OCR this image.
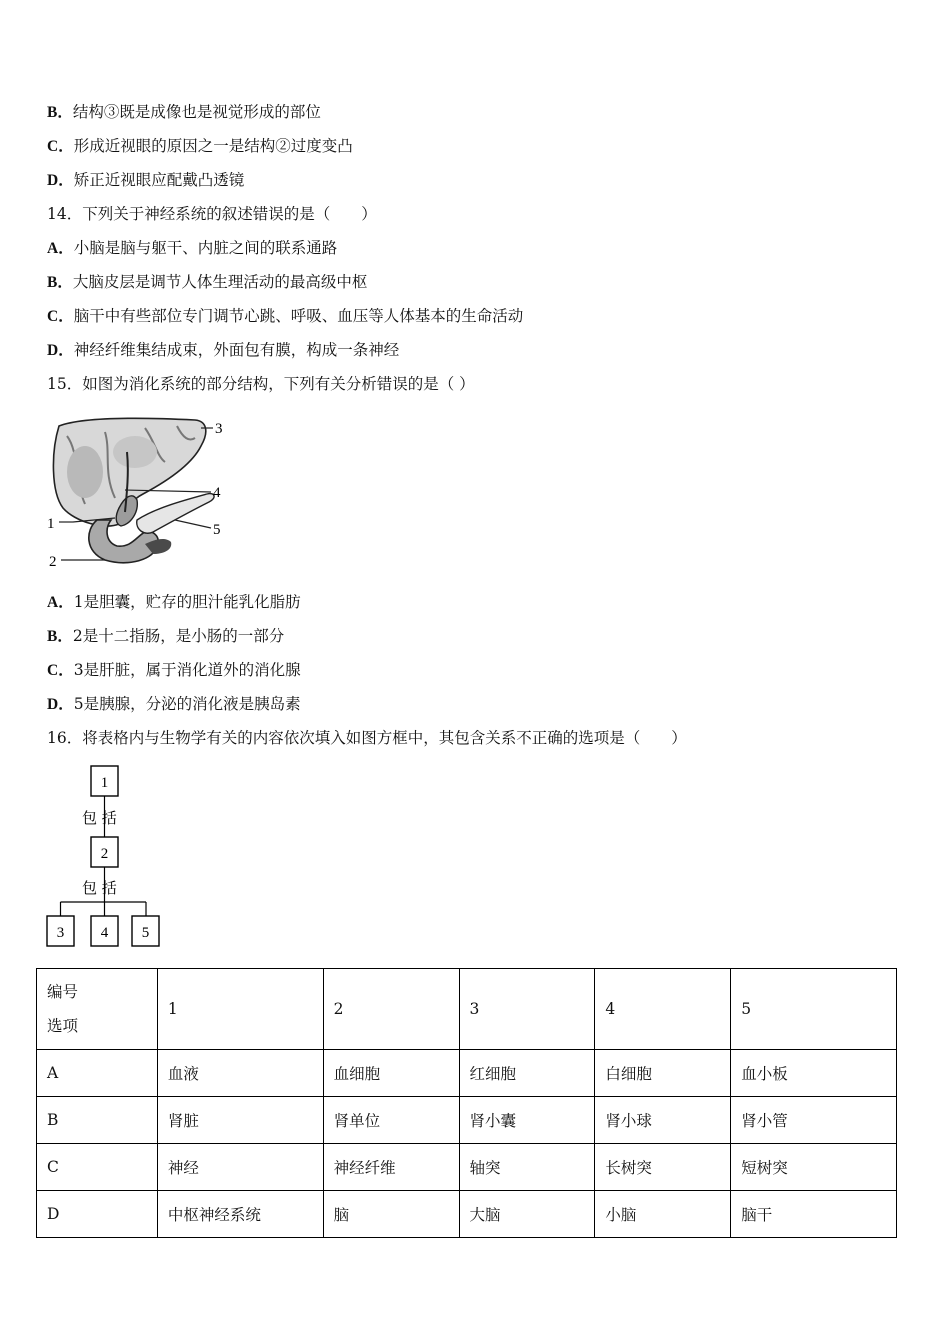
B．结构③既是成像也是视觉形成的部位
C．形成近视眼的原因之一是结构②过度变凸
D．矫正近视眼应配戴凸透镜
14．下列关于神经系统的叙述错误的是（　　）
A．小脑是脑与躯干、内脏之间的联系通路
B．大脑皮层是调节人体生理活动的最高级中枢
C．脑干中有些部位专门调节心跳、呼吸、血压等人体基本的生命活动
D．神经纤维集结成束，外面包有膜，构成一条神经
15．如图为消化系统的部分结构，下列有关分析错误的是（ ）
3
4
5
1
2
A．1是胆囊，贮存的胆汁能乳化脂肪
B．2是十二指肠，是小肠的一部分
C．3是肝脏，属于消化道外的消化腺
D．5是胰腺，分泌的消化液是胰岛素
16．将表格内与生物学有关的内容依次填入如图方框中，其包含关系不正确的选项是（　　）
1
包 括
2
包 括
3 4 5
编号
选项	1	2	3	4	5
A	血液	血细胞	红细胞	白细胞	血小板
B	肾脏	肾单位	肾小囊	肾小球	肾小管
C	神经	神经纤维	轴突	长树突	短树突
D	中枢神经系统	脑	大脑	小脑	脑干
